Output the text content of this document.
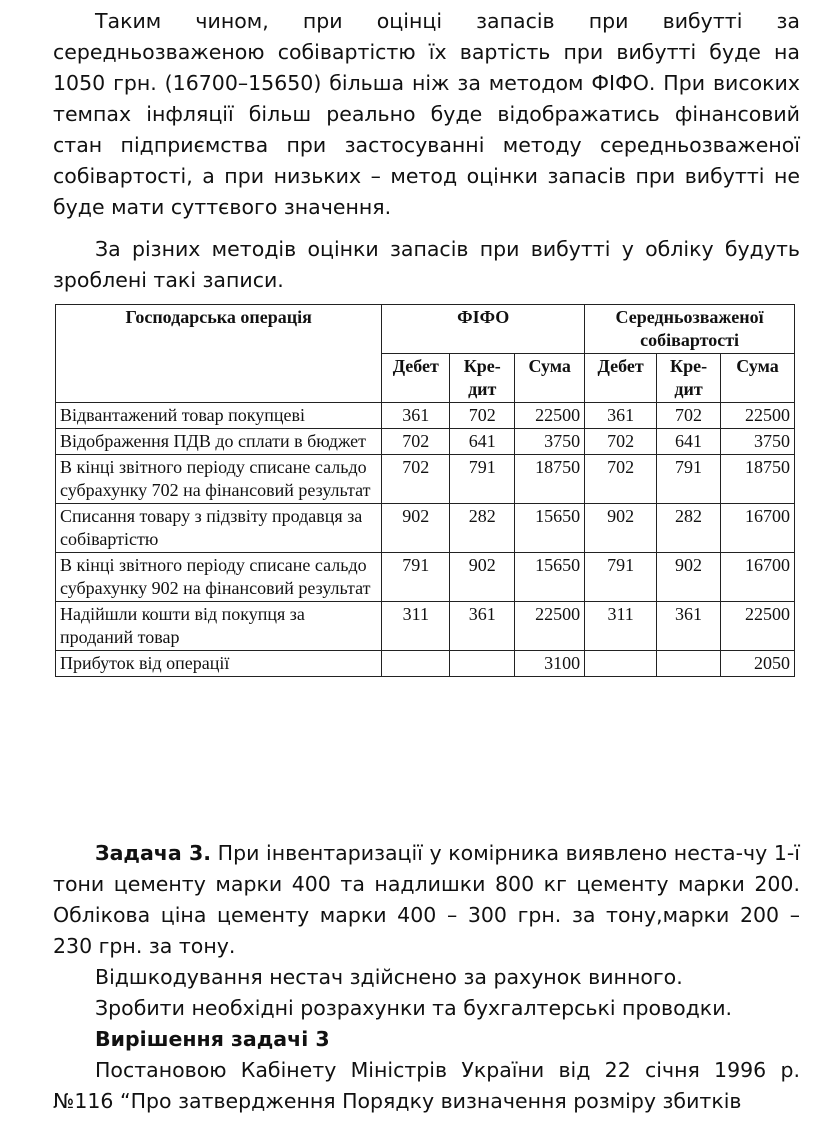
Таким чином, при оцінці запасів при вибутті за середньозваженою собівартістю їх вартість при вибутті буде на 1050 грн. (16700–15650) більша ніж за методом ФІФО. При високих темпах інфляції більш реально буде відображатись фінансовий стан підприємства при застосуванні методу середньозваженої собівартості, а при низьких – метод оцінки запасів при вибутті не буде мати суттєвого значення.

За різних методів оцінки запасів при вибутті у обліку будуть зроблені такі записи.

Господарська операція	ФІФО			Середньозваженої собівартості		
	Дебет	Кре-дит	Сума	Дебет	Кре-дит	Сума
Відвантажений товар покупцеві	361	702	22500	361	702	22500
Відображення ПДВ до сплати в бюджет	702	641	3750	702	641	3750
В кінці звітного періоду списане сальдо субрахунку 702 на фінансовий результат	702	791	18750	702	791	18750
Списання товару з підзвіту продавця за собівартістю	902	282	15650	902	282	16700
В кінці звітного періоду списане сальдо субрахунку 902 на фінансовий результат	791	902	15650	791	902	16700
Надійшли кошти від покупця за проданий товар	311	361	22500	311	361	22500
Прибуток від операції			3100			2050

Задача 3. При інвентаризації у комірника виявлено неста-чу 1-ї тони цементу марки 400 та надлишки 800 кг цементу марки 200. Облікова ціна цементу марки 400 – 300 грн. за тону,марки 200 – 230 грн. за тону.

Відшкодування нестач здійснено за рахунок винного.

Зробити необхідні розрахунки та бухгалтерські проводки.

Вирішення задачі 3

Постановою Кабінету Міністрів України від 22 січня 1996 р. №116 “Про затвердження Порядку визначення розміру збитків
